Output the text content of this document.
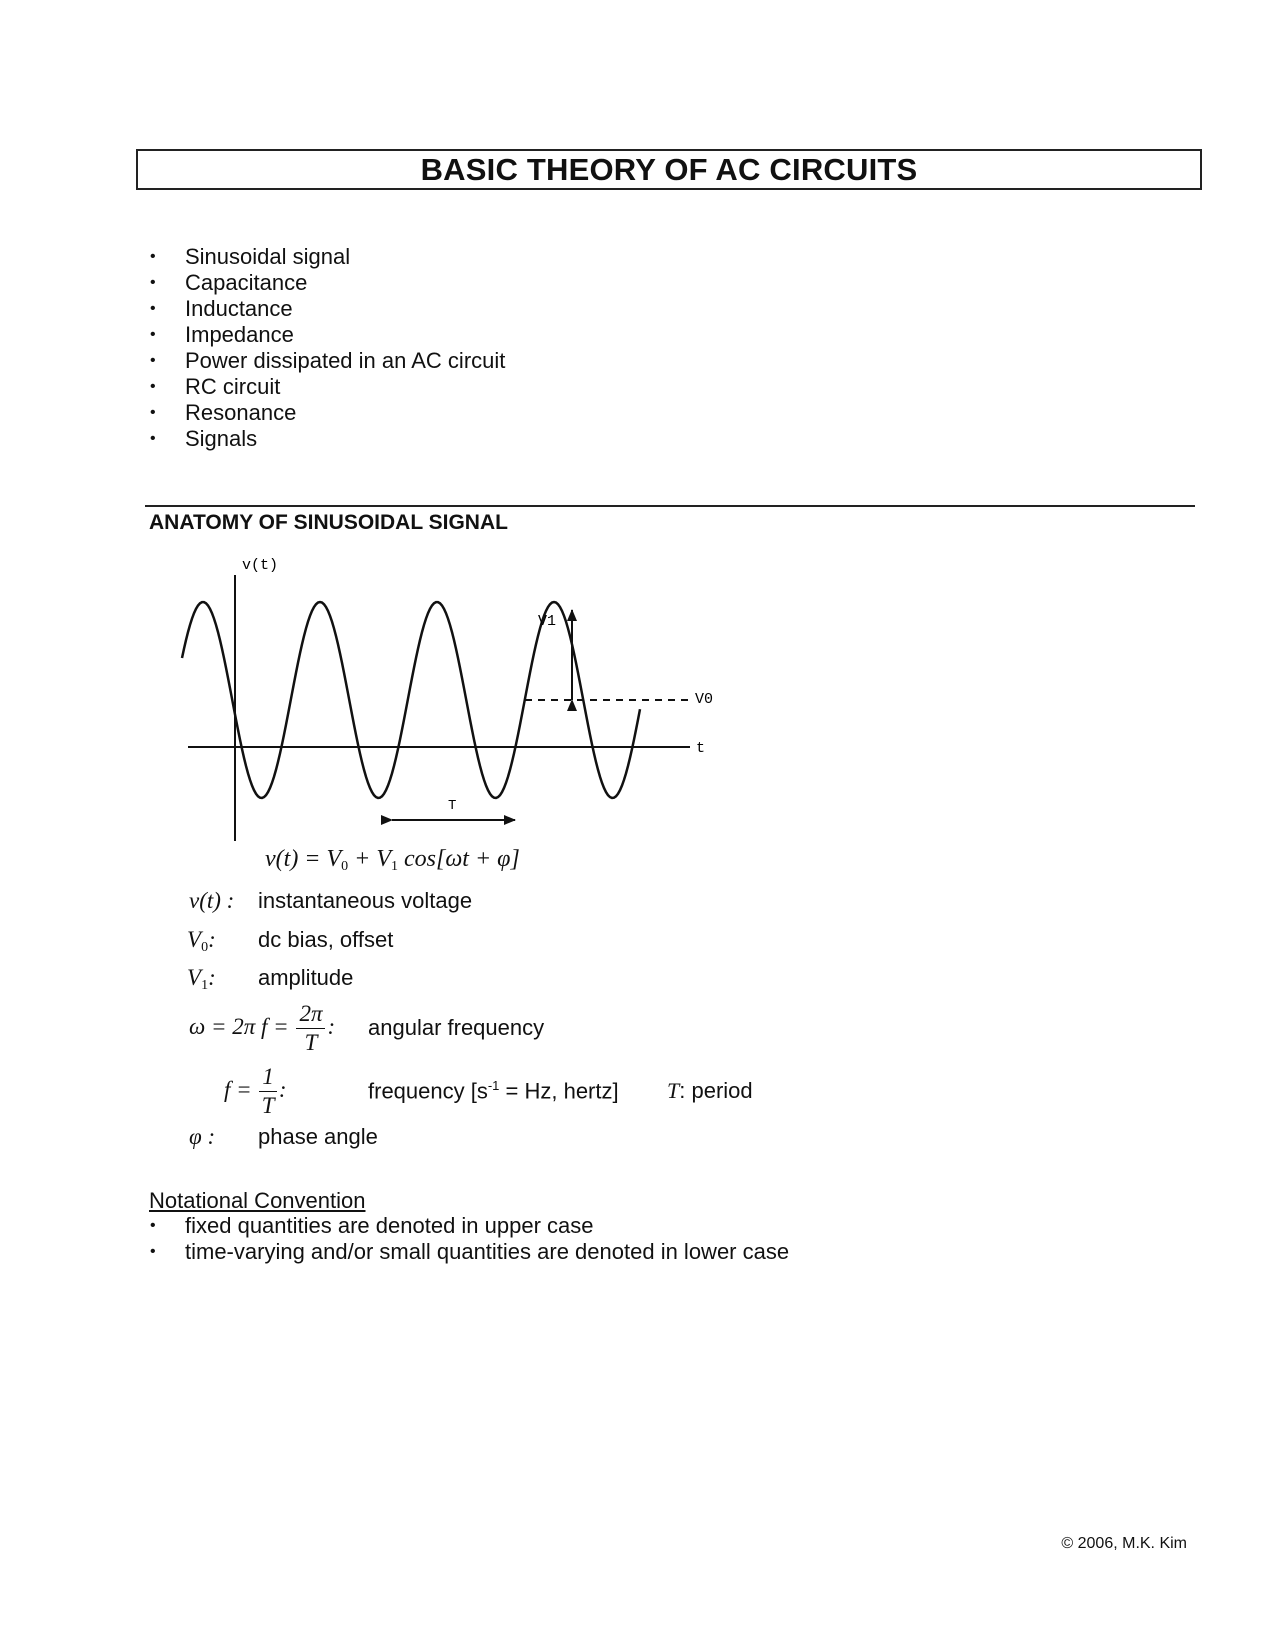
BASIC THEORY OF AC CIRCUITS
• Sinusoidal signal
• Capacitance
• Inductance
• Impedance
• Power dissipated in an AC circuit
• RC circuit
• Resonance
• Signals
ANATOMY OF SINUSOIDAL SIGNAL
v(t)
t
V1
V0
T
$v(t) = V_0 + V_1$ cos[ωt + φ]
v(t) : instantaneous voltage
$V_0$: dc bias, offset
$V_1$: amplitude
ω = 2π $f = \frac{2\pi}{T}$ : angular frequency
$f = \frac{1}{T}$ :	frequency [$s^{-1} = Hz$, hertz] T: period
φ : phase angle
Notational Convention
• fixed quantities are denoted in upper case
• time-varying and/or small quantities are denoted in lower case
© 2006, M.K. Kim
